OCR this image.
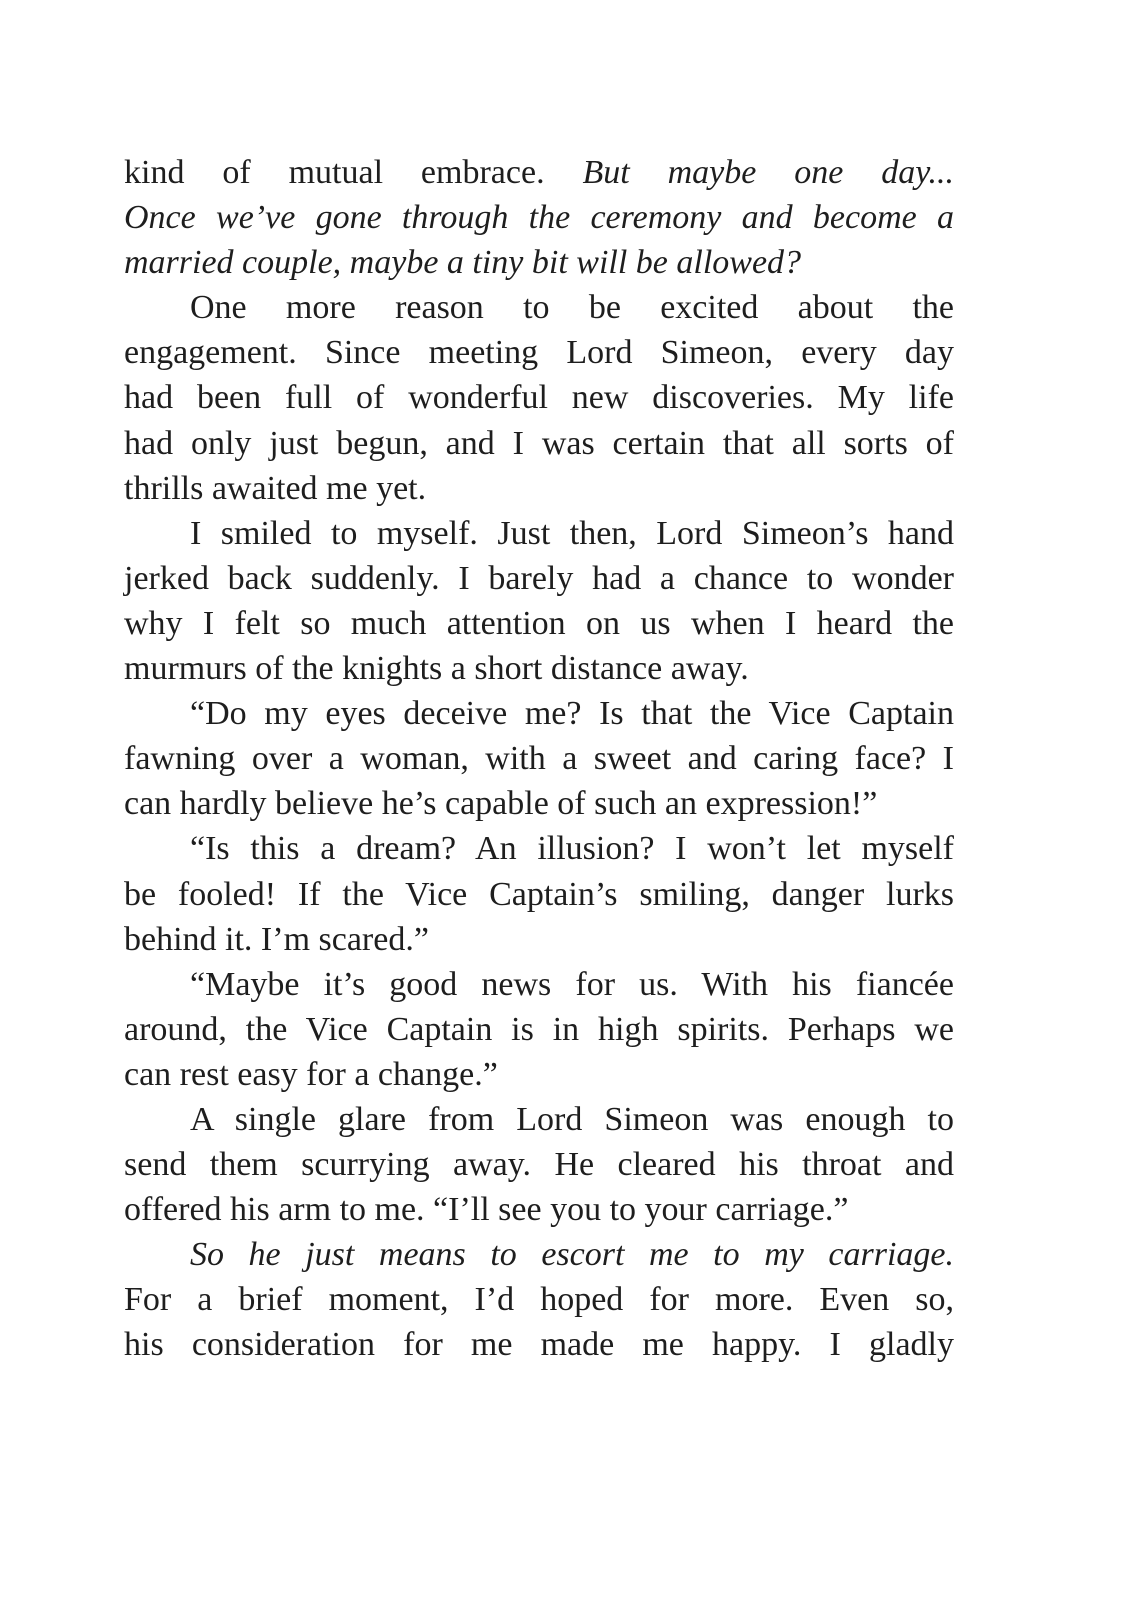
kind of mutual embrace. But maybe one day...
Once we’ve gone through the ceremony and become a
married couple, maybe a tiny bit will be allowed?
One more reason to be excited about the
engagement. Since meeting Lord Simeon, every day
had been full of wonderful new discoveries. My life
had only just begun, and I was certain that all sorts of
thrills awaited me yet.
I smiled to myself. Just then, Lord Simeon’s hand
jerked back suddenly. I barely had a chance to wonder
why I felt so much attention on us when I heard the
murmurs of the knights a short distance away.
“Do my eyes deceive me? Is that the Vice Captain
fawning over a woman, with a sweet and caring face? I
can hardly believe he’s capable of such an expression!”
“Is this a dream? An illusion? I won’t let myself
be fooled! If the Vice Captain’s smiling, danger lurks
behind it. I’m scared.”
“Maybe it’s good news for us. With his fiancée
around, the Vice Captain is in high spirits. Perhaps we
can rest easy for a change.”
A single glare from Lord Simeon was enough to
send them scurrying away. He cleared his throat and
offered his arm to me. “I’ll see you to your carriage.”
So he just means to escort me to my carriage.
For a brief moment, I’d hoped for more. Even so,
his consideration for me made me happy. I gladly
